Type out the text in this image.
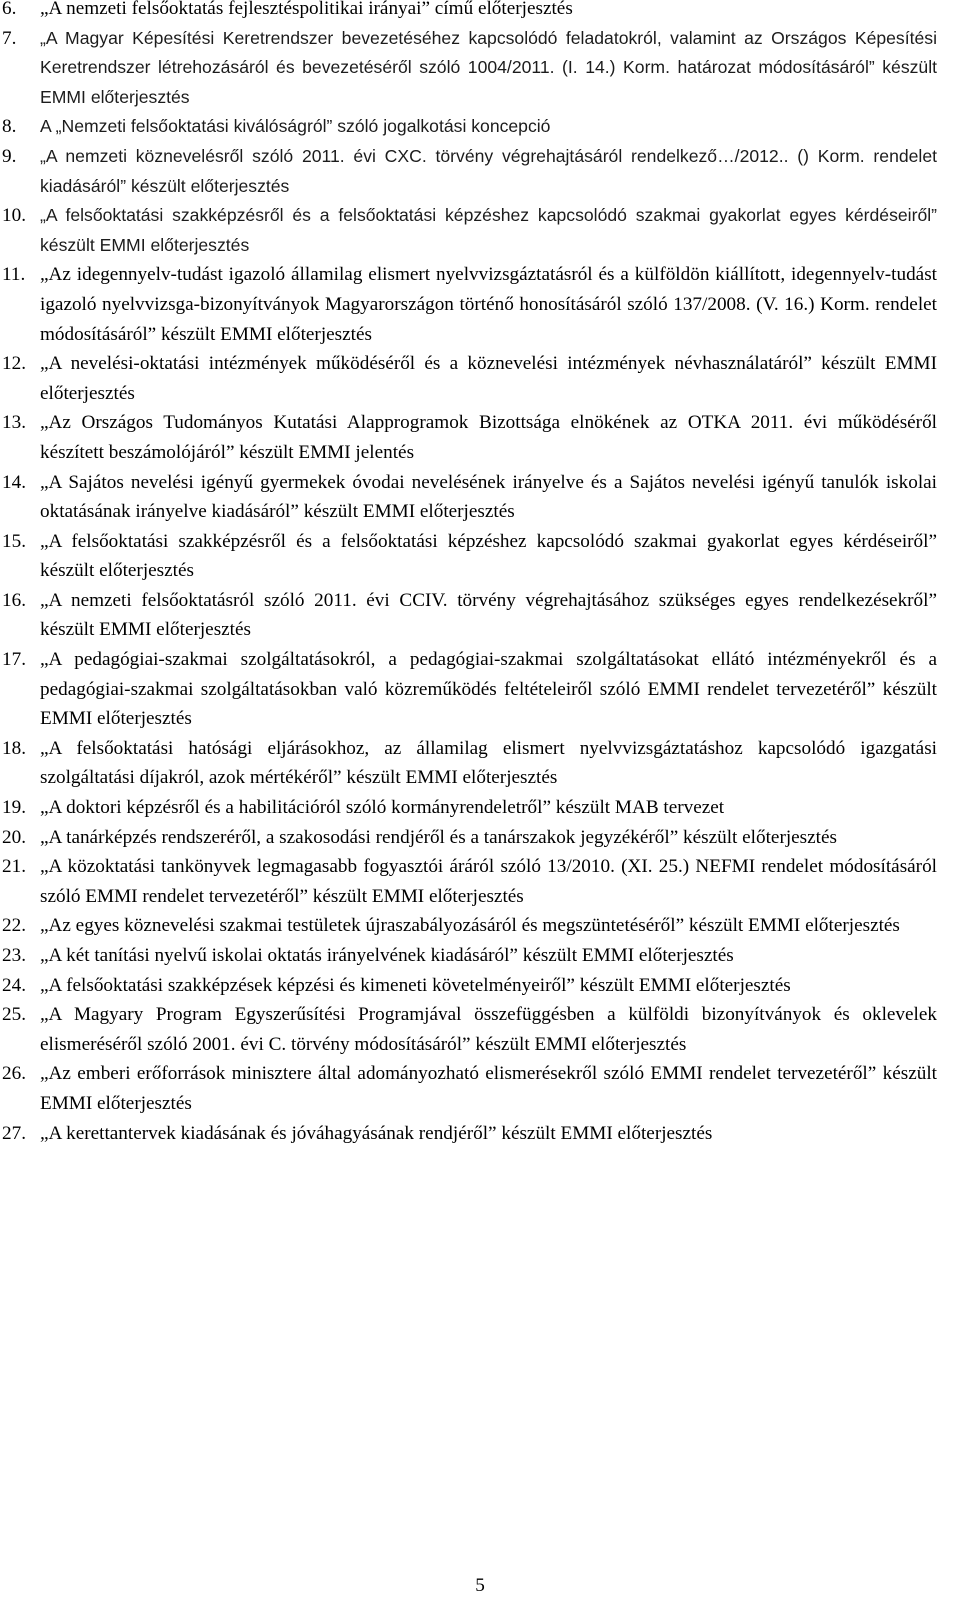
6.	„A nemzeti felsőoktatás fejlesztéspolitikai irányai” című előterjesztés
7.	„A Magyar Képesítési Keretrendszer bevezetéséhez kapcsolódó feladatokról, valamint az Országos Képesítési Keretrendszer létrehozásáról és bevezetéséről szóló 1004/2011. (I. 14.) Korm. határozat módosításáról” készült EMMI előterjesztés
8.	A „Nemzeti felsőoktatási kiválóságról” szóló jogalkotási koncepció
9.	„A nemzeti köznevelésről szóló 2011. évi CXC. törvény végrehajtásáról rendelkező…/2012.. () Korm. rendelet kiadásáról” készült előterjesztés
10. „A felsőoktatási szakképzésről és a felsőoktatási képzéshez kapcsolódó szakmai gyakorlat egyes kérdéseiről” készült EMMI előterjesztés
11. „Az idegennyelv-tudást igazoló államilag elismert nyelvvizsgáztatásról és a külföldön kiállított, idegennyelv-tudást igazoló nyelvvizsga-bizonyítványok Magyarországon történő honosításáról szóló 137/2008. (V. 16.) Korm. rendelet módosításáról” készült EMMI előterjesztés
12. „A nevelési-oktatási intézmények működéséről és a köznevelési intézmények névhasználatáról” készült EMMI előterjesztés
13. „Az Országos Tudományos Kutatási Alapprogramok Bizottsága elnökének az OTKA 2011. évi működéséről készített beszámolójáról” készült EMMI jelentés
14. „A Sajátos nevelési igényű gyermekek óvodai nevelésének irányelve és a Sajátos nevelési igényű tanulók iskolai oktatásának irányelve kiadásáról” készült EMMI előterjesztés
15. „A felsőoktatási szakképzésről és a felsőoktatási képzéshez kapcsolódó szakmai gyakorlat egyes kérdéseiről” készült előterjesztés
16. „A nemzeti felsőoktatásról szóló 2011. évi CCIV. törvény végrehajtásához szükséges egyes rendelkezésekről” készült EMMI előterjesztés
17. „A pedagógiai-szakmai szolgáltatásokról, a pedagógiai-szakmai szolgáltatásokat ellátó intézményekről és a pedagógiai-szakmai szolgáltatásokban való közreműködés feltételeiről szóló EMMI rendelet tervezetéről” készült EMMI előterjesztés
18. „A felsőoktatási hatósági eljárásokhoz, az államilag elismert nyelvvizsgáztatáshoz kapcsolódó igazgatási szolgáltatási díjakról, azok mértékéről” készült EMMI előterjesztés
19. „A doktori képzésről és a habilitációról szóló kormányrendeletről” készült MAB tervezet
20. „A tanárképzés rendszeréről, a szakosodási rendjéről és a tanárszakok jegyzékéről” készült előterjesztés
21. „A közoktatási tankönyvek legmagasabb fogyasztói áráról szóló 13/2010. (XI. 25.) NEFMI rendelet módosításáról szóló EMMI rendelet tervezetéről” készült EMMI előterjesztés
22. „Az egyes köznevelési szakmai testületek újraszabályozásáról és megszüntetéséről” készült EMMI előterjesztés
23. „A két tanítási nyelvű iskolai oktatás irányelvének kiadásáról” készült EMMI előterjesztés
24. „A felsőoktatási szakképzések képzési és kimeneti követelményeiről” készült EMMI előterjesztés
25. „A Magyary Program Egyszerűsítési Programjával összefüggésben a külföldi bizonyítványok és oklevelek elismeréséről szóló 2001. évi C. törvény módosításáról” készült EMMI előterjesztés
26. „Az emberi erőforrások minisztere által adományozható elismerésekről szóló EMMI rendelet tervezetéről” készült EMMI előterjesztés
27. „A kerettantervek kiadásának és jóváhagyásának rendjéről” készült EMMI előterjesztés
5
